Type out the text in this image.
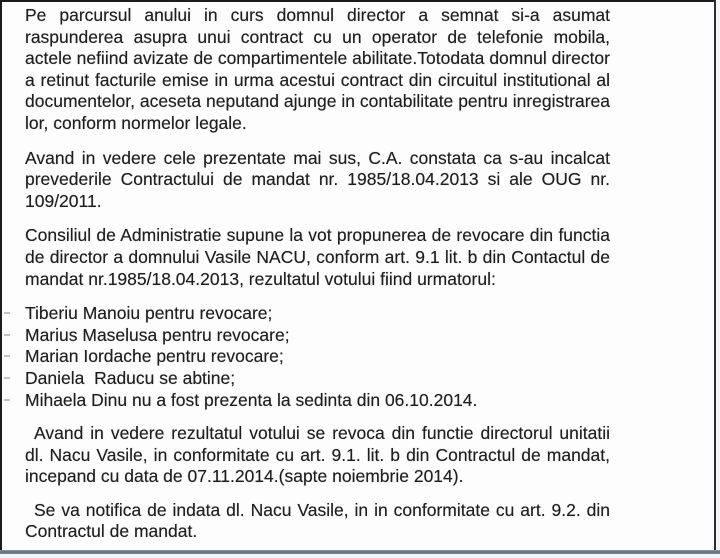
Pe parcursul anului in curs domnul director a semnat si-a asumat raspunderea asupra unui contract cu un operator de telefonie mobila, actele nefiind avizate de compartimentele abilitate.Totodata domnul director a retinut facturile emise in urma acestui contract din circuitul institutional al documentelor, aceseta neputand ajunge in contabilitate pentru inregistrarea lor, conform normelor legale.

Avand in vedere cele prezentate mai sus, C.A. constata ca s-au incalcat prevederile Contractului de mandat nr. 1985/18.04.2013 si ale OUG nr. 109/2011.

Consiliul de Administratie supune la vot propunerea de revocare din functia de director a domnului Vasile NACU, conform art. 9.1 lit. b din Contactul de mandat nr.1985/18.04.2013, rezultatul votului fiind urmatorul:

Tiberiu Manoiu pentru revocare;
Marius Maselusa pentru revocare;
Marian Iordache pentru revocare;
Daniela  Raducu se abtine;
Mihaela Dinu nu a fost prezenta la sedinta din 06.10.2014.

Avand in vedere rezultatul votului se revoca din functie directorul unitatii dl. Nacu Vasile, in conformitate cu art. 9.1. lit. b din Contractul de mandat, incepand cu data de 07.11.2014.(sapte noiembrie 2014).

Se va notifica de indata dl. Nacu Vasile, in in conformitate cu art. 9.2. din Contractul de mandat.
